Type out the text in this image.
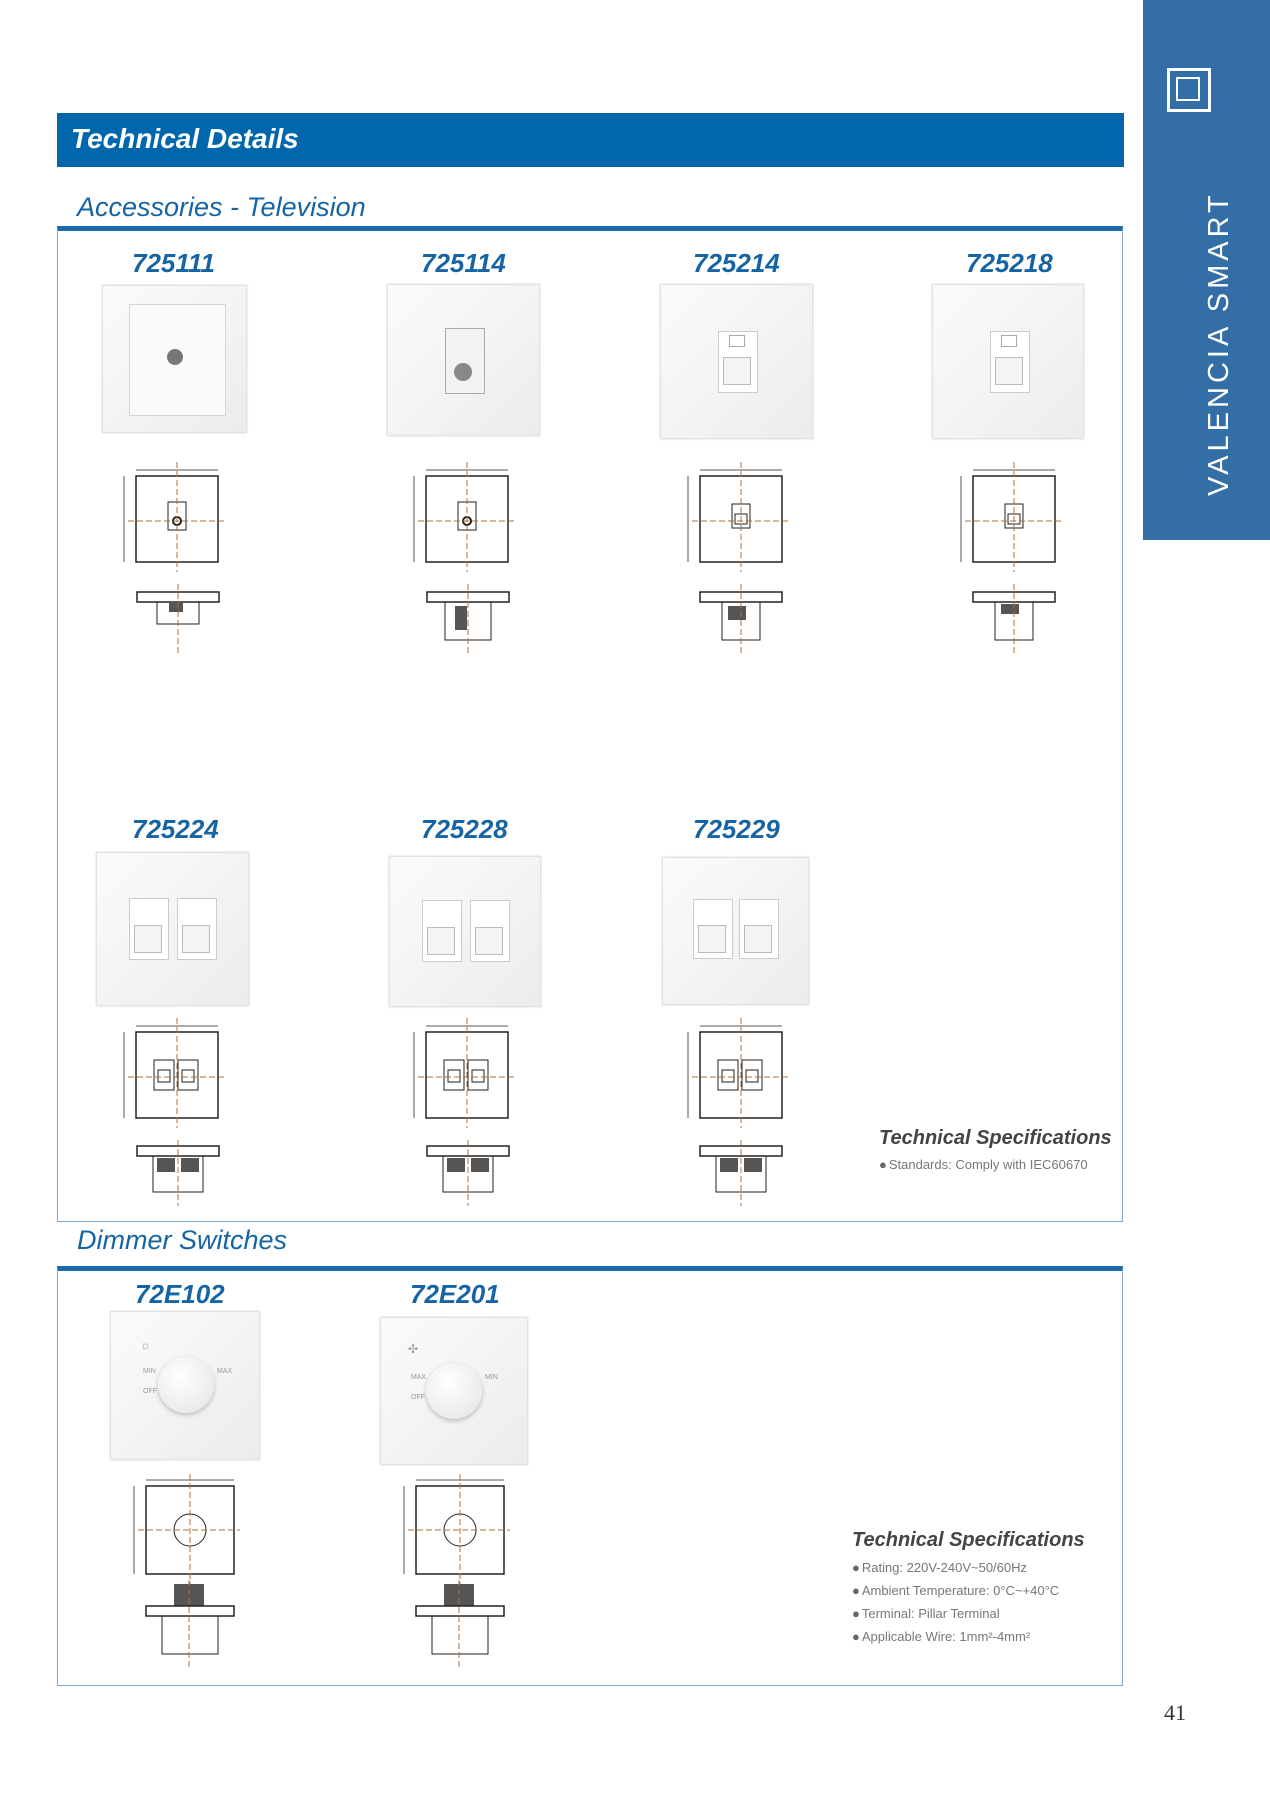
VALENCIA SMART
Technical Details
Accessories - Television
Dimmer Switches
725111	725114	725214	725218
725224	725228	725229
Technical Specifications
● Standards: Comply with IEC60670
72E102	72E201
☼
MIN	MAX
OFF
✣
MAX	MIN
OFF
Technical Specifications
● Rating: 220V-240V~50/60Hz
● Ambient Temperature: 0°C~+40°C
● Terminal: Pillar Terminal
● Applicable Wire: 1mm²-4mm²
41
